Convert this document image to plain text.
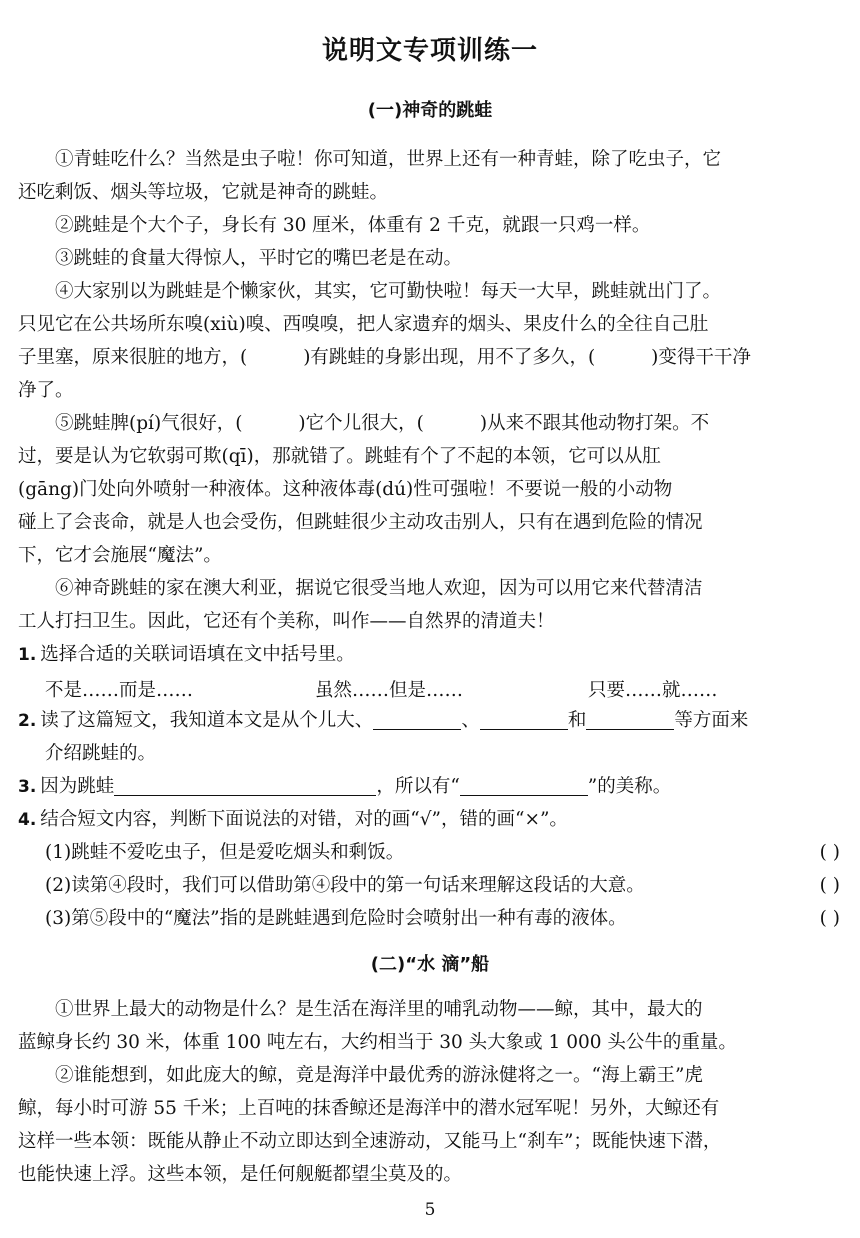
说明文专项训练一
(一)神奇的跳蛙
①青蛙吃什么？当然是虫子啦！你可知道，世界上还有一种青蛙，除了吃虫子，它
还吃剩饭、烟头等垃圾，它就是神奇的跳蛙。
②跳蛙是个大个子，身长有 30 厘米，体重有 2 千克，就跟一只鸡一样。
③跳蛙的食量大得惊人，平时它的嘴巴老是在动。
④大家别以为跳蛙是个懒家伙，其实，它可勤快啦！每天一大早，跳蛙就出门了。
只见它在公共场所东嗅(xiù)嗅、西嗅嗅，把人家遗弃的烟头、果皮什么的全往自己肚
子里塞，原来很脏的地方，(	)有跳蛙的身影出现，用不了多久，(	)变得干干净
净了。
⑤跳蛙脾(pí)气很好，(	)它个儿很大，(	)从来不跟其他动物打架。不
过，要是认为它软弱可欺(qī)，那就错了。跳蛙有个了不起的本领，它可以从肛
(gāng)门处向外喷射一种液体。这种液体毒(dú)性可强啦！不要说一般的小动物
碰上了会丧命，就是人也会受伤，但跳蛙很少主动攻击别人，只有在遇到危险的情况
下，它才会施展“魔法”。
⑥神奇跳蛙的家在澳大利亚，据说它很受当地人欢迎，因为可以用它来代替清洁
工人打扫卫生。因此，它还有个美称，叫作——自然界的清道夫！
1. 选择合适的关联词语填在文中括号里。
不是……而是……	虽然……但是……	只要……就……
2. 读了这篇短文，我知道本文是从个儿大、	、	和	等方面来
介绍跳蛙的。
3. 因为跳蛙	，所以有“	”的美称。
4. 结合短文内容，判断下面说法的对错，对的画“√”，错的画“×”。
(1)跳蛙不爱吃虫子，但是爱吃烟头和剩饭。	( )
(2)读第④段时，我们可以借助第④段中的第一句话来理解这段话的大意。	( )
(3)第⑤段中的“魔法”指的是跳蛙遇到危险时会喷射出一种有毒的液体。	( )
(二)“水 滴”船
①世界上最大的动物是什么？是生活在海洋里的哺乳动物——鲸，其中，最大的
蓝鲸身长约 30 米，体重 100 吨左右，大约相当于 30 头大象或 1 000 头公牛的重量。
②谁能想到，如此庞大的鲸，竟是海洋中最优秀的游泳健将之一。“海上霸王”虎
鲸，每小时可游 55 千米；上百吨的抹香鲸还是海洋中的潜水冠军呢！另外，大鲸还有
这样一些本领：既能从静止不动立即达到全速游动，又能马上“刹车”；既能快速下潜，
也能快速上浮。这些本领，是任何舰艇都望尘莫及的。
5
